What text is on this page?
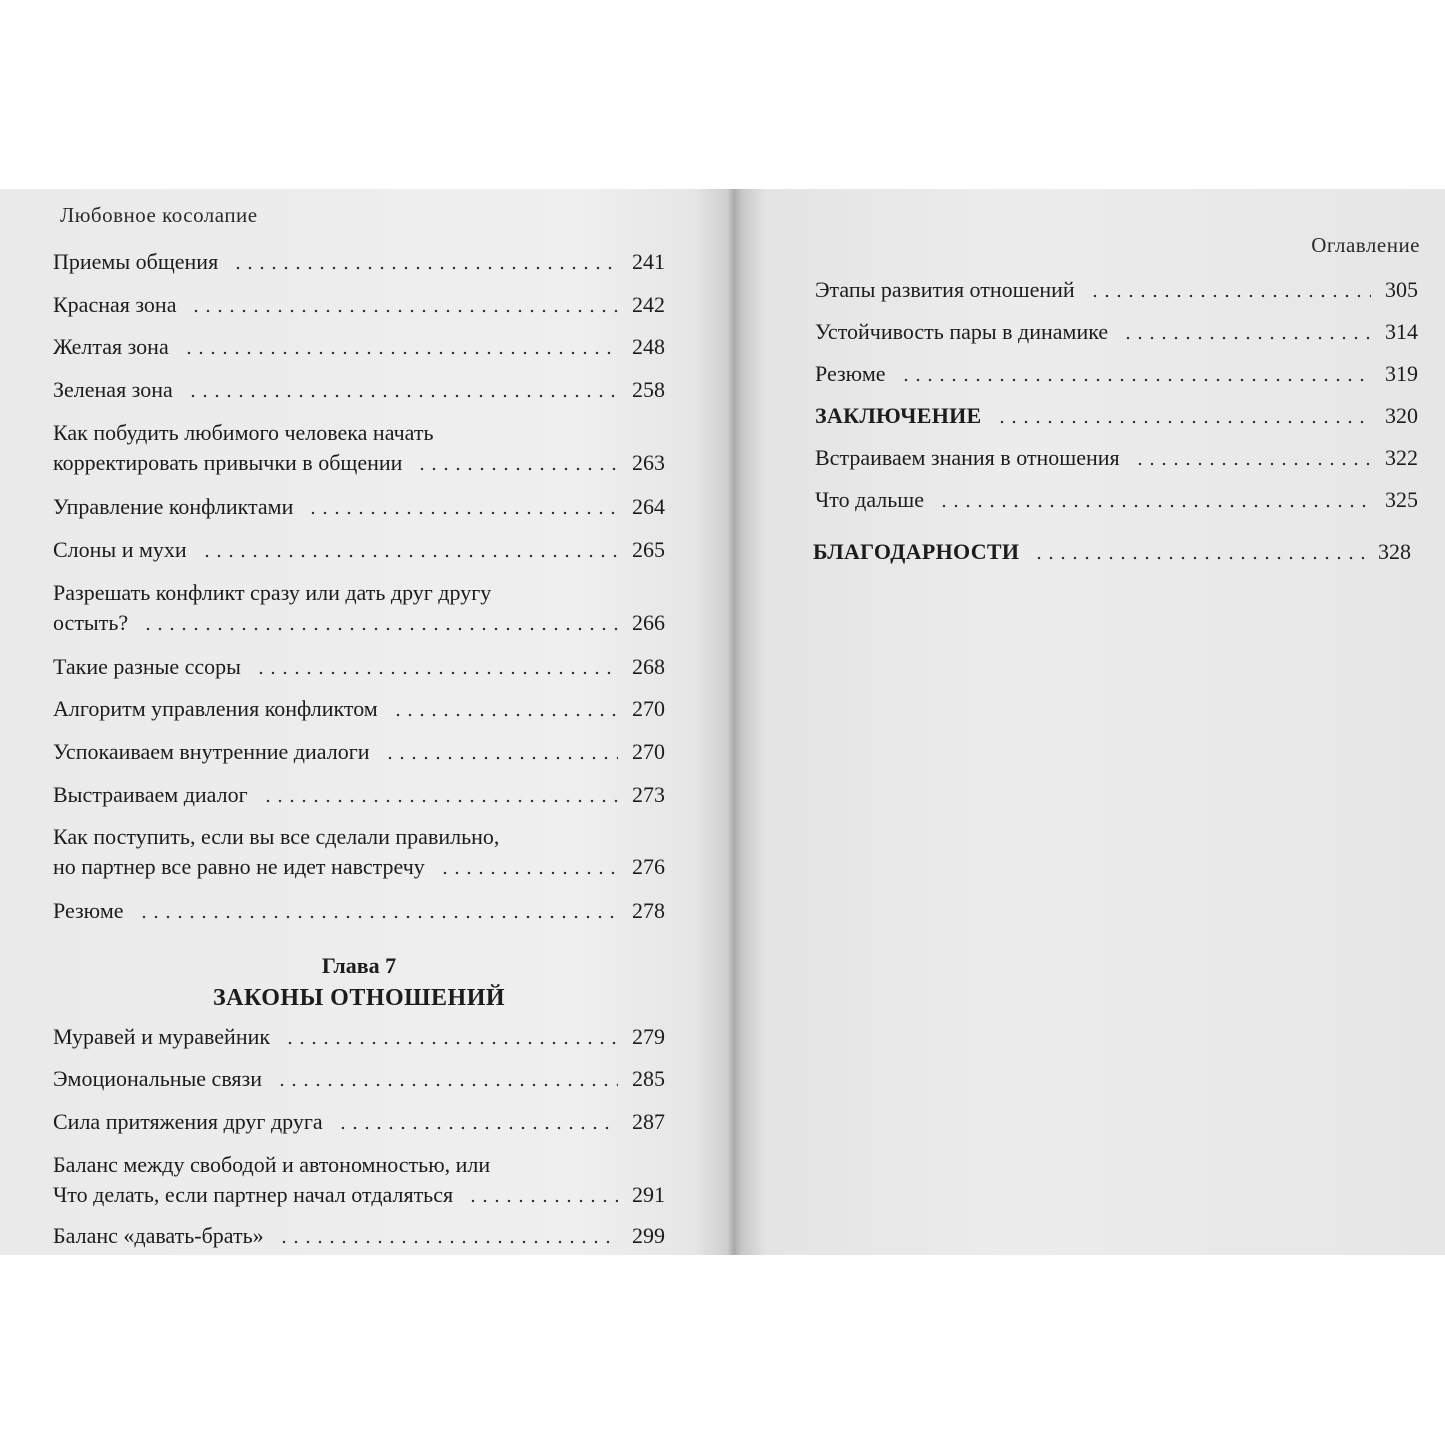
Любовное косолапие
Приемы общения	241
Красная зона	242
Желтая зона	248
Зеленая зона	258
Как побудить любимого человека начать
корректировать привычки в общении	263
Управление конфликтами	264
Слоны и мухи	265
Разрешать конфликт сразу или дать друг другу
остыть?	266
Такие разные ссоры	268
Алгоритм управления конфликтом	270
Успокаиваем внутренние диалоги	270
Выстраиваем диалог	273
Как поступить, если вы все сделали правильно,
но партнер все равно не идет навстречу	276
Резюме	278
Глава 7
ЗАКОНЫ ОТНОШЕНИЙ
Муравей и муравейник	279
Эмоциональные связи	285
Сила притяжения друг друга	287
Баланс между свободой и автономностью, или
Что делать, если партнер начал отдаляться	291
Баланс «давать-брать»	299
Оглавление
Этапы развития отношений	305
Устойчивость пары в динамике	314
Резюме	319
ЗАКЛЮЧЕНИЕ	320
Встраиваем знания в отношения	322
Что дальше	325
БЛАГОДАРНОСТИ	328
